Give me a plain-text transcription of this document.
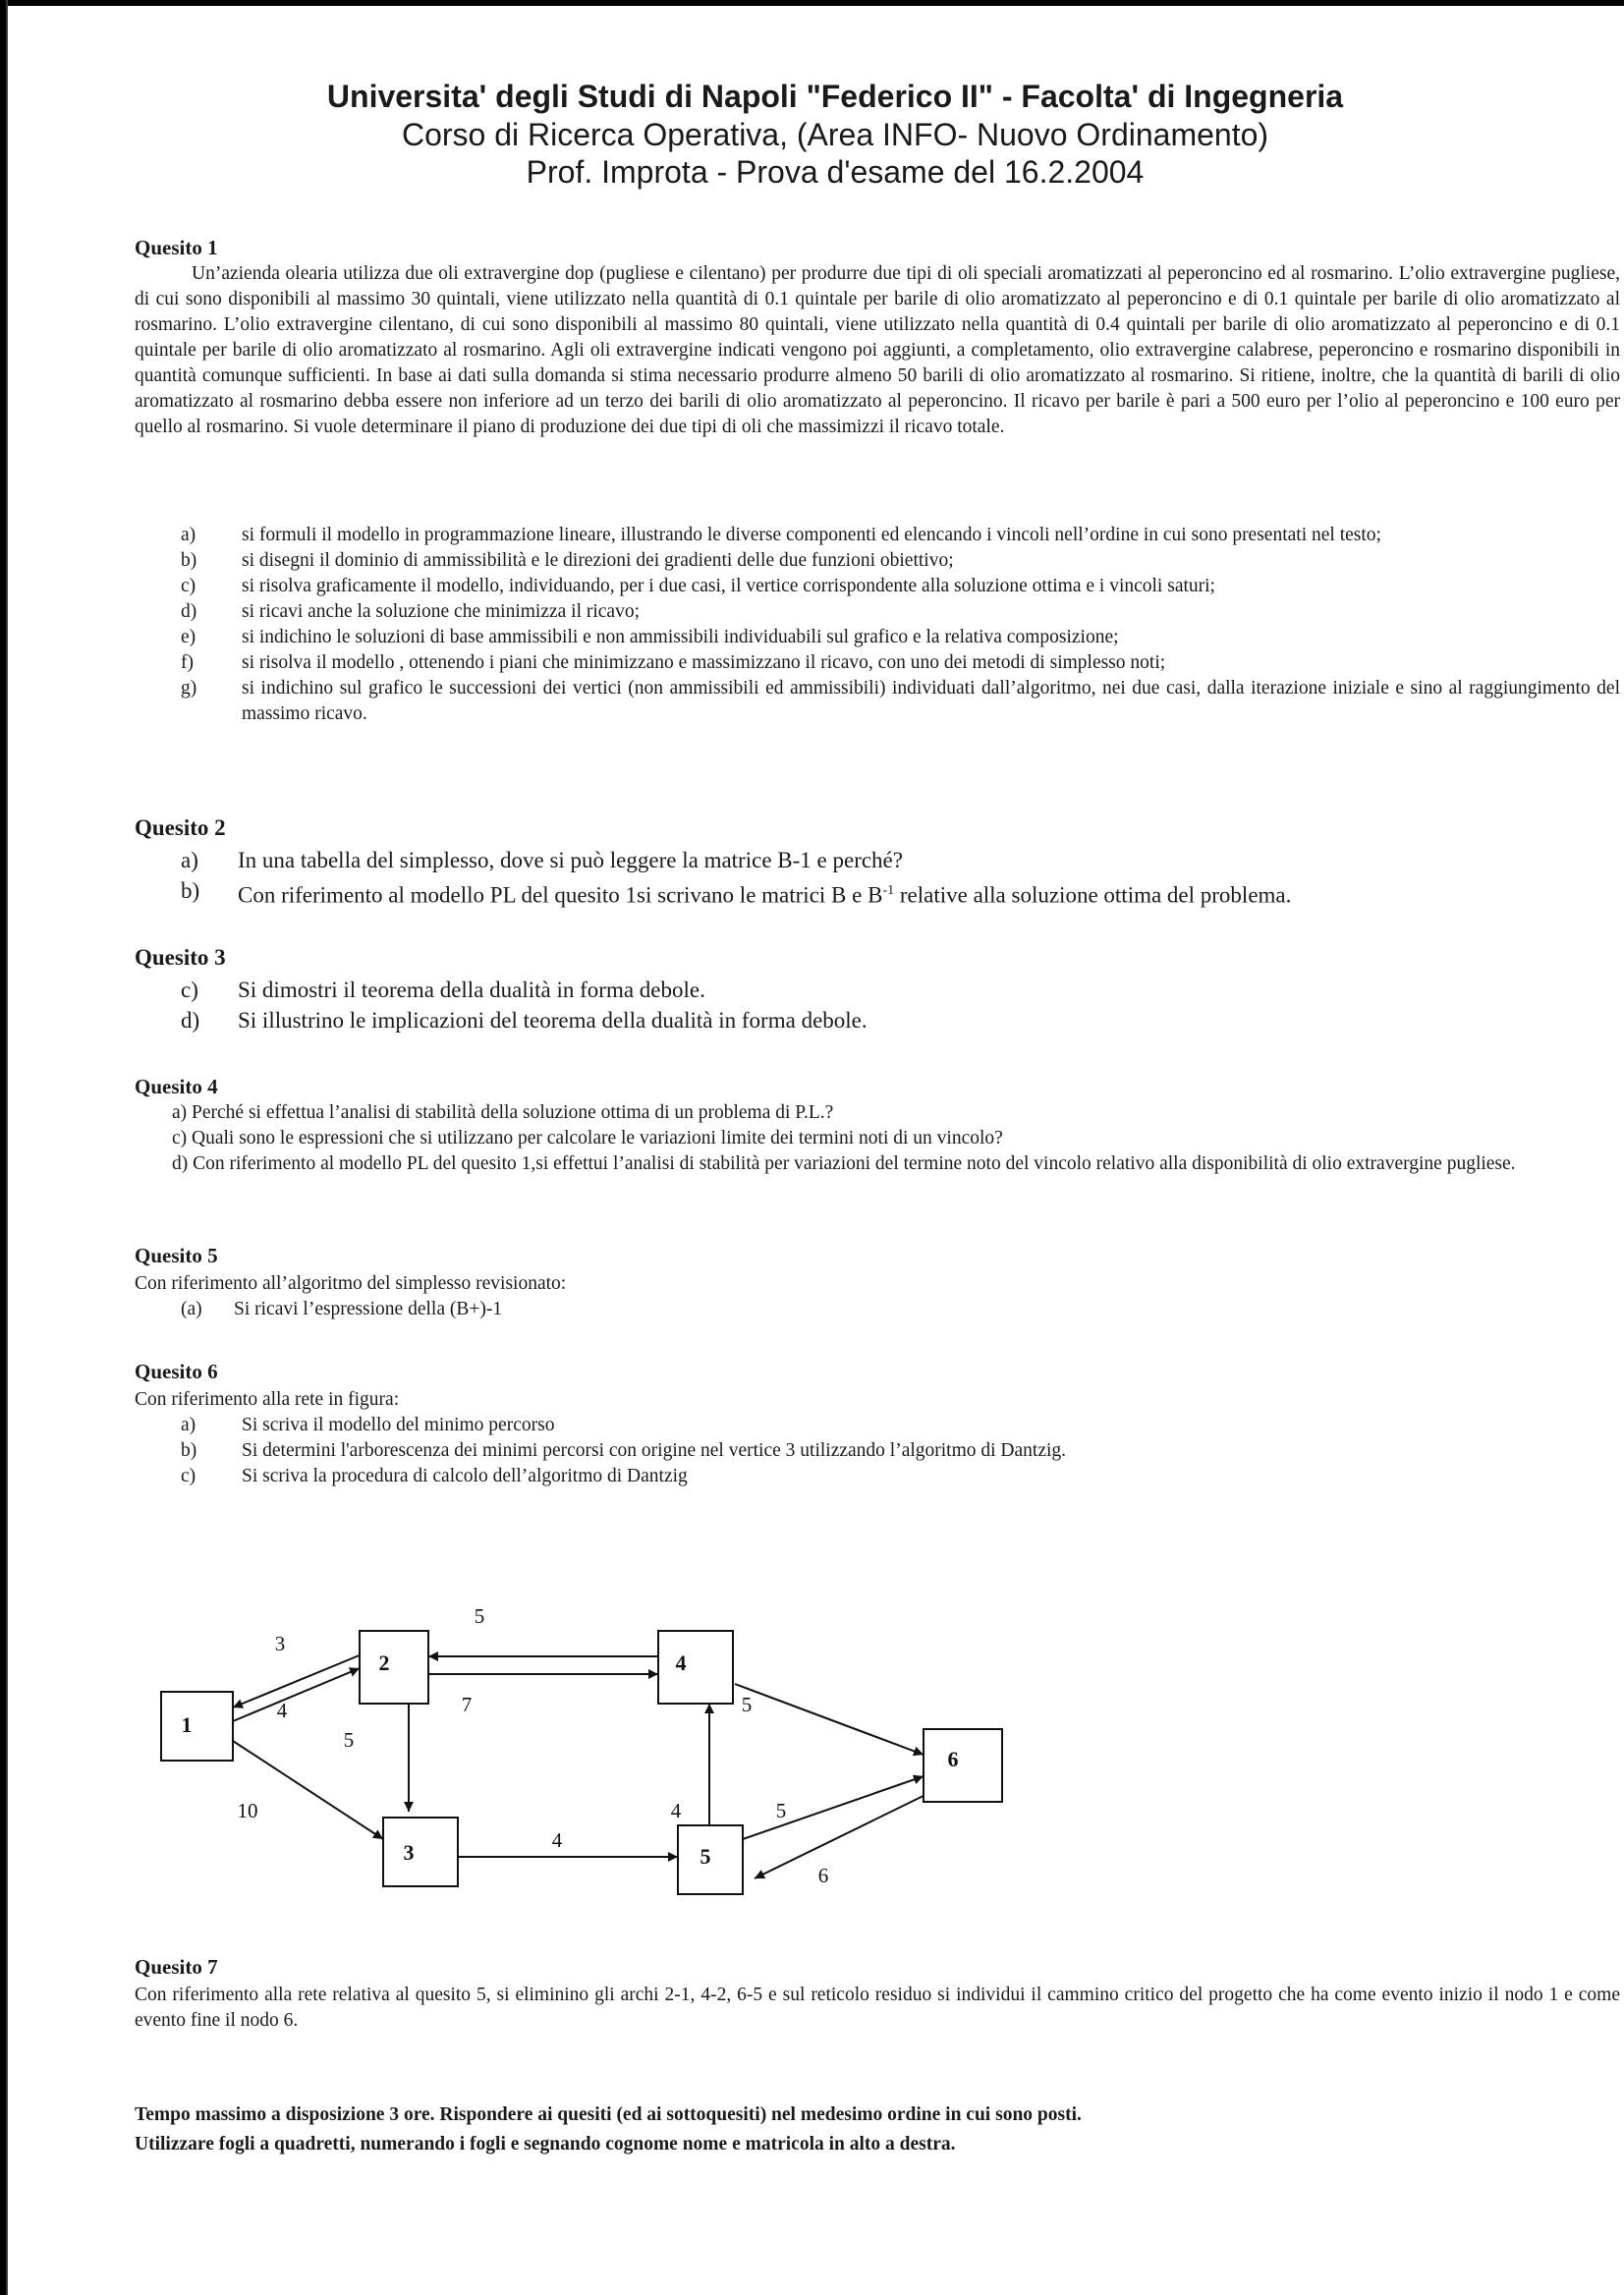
Universita' degli Studi di Napoli "Federico II" - Facolta' di Ingegneria
Corso di Ricerca Operativa, (Area INFO- Nuovo Ordinamento)
Prof. Improta - Prova d'esame del 16.2.2004
Quesito 1
Un’azienda olearia utilizza due oli extravergine dop (pugliese e cilentano) per produrre due tipi di oli speciali aromatizzati al peperoncino ed al rosmarino. L’olio extravergine pugliese, di cui sono disponibili al massimo 30 quintali, viene utilizzato nella quantità di 0.1 quintale per barile di olio aromatizzato al peperoncino e di 0.1 quintale per barile di olio aromatizzato al rosmarino. L’olio extravergine cilentano, di cui sono disponibili al massimo 80 quintali, viene utilizzato nella quantità di 0.4 quintali per barile di olio aromatizzato al peperoncino e di 0.1 quintale per barile di olio aromatizzato al rosmarino. Agli oli extravergine indicati vengono poi aggiunti, a completamento, olio extravergine calabrese, peperoncino e rosmarino disponibili in quantità comunque sufficienti. In base ai dati sulla domanda si stima necessario produrre almeno 50 barili di olio aromatizzato al rosmarino. Si ritiene, inoltre, che la quantità di barili di olio aromatizzato al rosmarino debba essere non inferiore ad un terzo dei barili di olio aromatizzato al peperoncino. Il ricavo per barile è pari a 500 euro per l’olio al peperoncino e 100 euro per quello al rosmarino. Si vuole determinare il piano di produzione dei due tipi di oli che massimizzi il ricavo totale.
a)	si formuli il modello in programmazione lineare, illustrando le diverse componenti ed elencando i vincoli nell’ordine in cui sono presentati nel testo;
b)	si disegni il dominio di ammissibilità e le direzioni dei gradienti delle due funzioni obiettivo;
c)	si risolva graficamente il modello, individuando, per i due casi, il vertice corrispondente alla soluzione ottima e i vincoli saturi;
d)	si ricavi anche la soluzione che minimizza il ricavo;
e)	si indichino le soluzioni di base ammissibili e non ammissibili individuabili sul grafico e la relativa composizione;
f)	si risolva il modello , ottenendo i piani che minimizzano e massimizzano il ricavo, con uno dei metodi di simplesso noti;
g)	si indichino sul grafico le successioni dei vertici (non ammissibili ed ammissibili) individuati dall’algoritmo, nei due casi, dalla iterazione iniziale e sino al raggiungimento del massimo ricavo.
Quesito 2
a)	In una tabella del simplesso, dove si può leggere la matrice B-1 e perché?
b)	Con riferimento al modello PL del quesito 1si scrivano le matrici B e $B^{-1}$ relative alla soluzione ottima del problema.
Quesito 3
c)	Si dimostri il teorema della dualità in forma debole.
d)	Si illustrino le implicazioni del teorema della dualità in forma debole.
Quesito 4
a) Perché si effettua l’analisi di stabilità della soluzione ottima di un problema di P.L.?
c) Quali sono le espressioni che si utilizzano per calcolare le variazioni limite dei termini noti di un vincolo?
d) Con riferimento al modello PL del quesito 1,si effettui l’analisi di stabilità per variazioni del termine noto del vincolo relativo alla disponibilità di olio extravergine pugliese.
Quesito 5
Con riferimento all’algoritmo del simplesso revisionato:
(a)	Si ricavi l’espressione della (B+)-1
Quesito 6
Con riferimento alla rete in figura:
a)	Si scriva il modello del minimo percorso
b)	Si determini l'arborescenza dei minimi percorsi con origine nel vertice 3 utilizzando l’algoritmo di Dantzig.
c)	Si scriva la procedura di calcolo dell’algoritmo di Dantzig
1
2
3
4
5
6
4
3
7
5
5
10
4
4
5
5
6
Quesito 7
Con riferimento alla rete relativa al quesito 5, si eliminino gli archi 2-1, 4-2, 6-5 e sul reticolo residuo si individui il cammino critico del progetto che ha come evento inizio il nodo 1 e come evento fine il nodo 6.
Tempo massimo a disposizione 3 ore. Rispondere ai quesiti (ed ai sottoquesiti) nel medesimo ordine in cui sono posti.
Utilizzare fogli a quadretti, numerando i fogli e segnando cognome nome e matricola in alto a destra.
